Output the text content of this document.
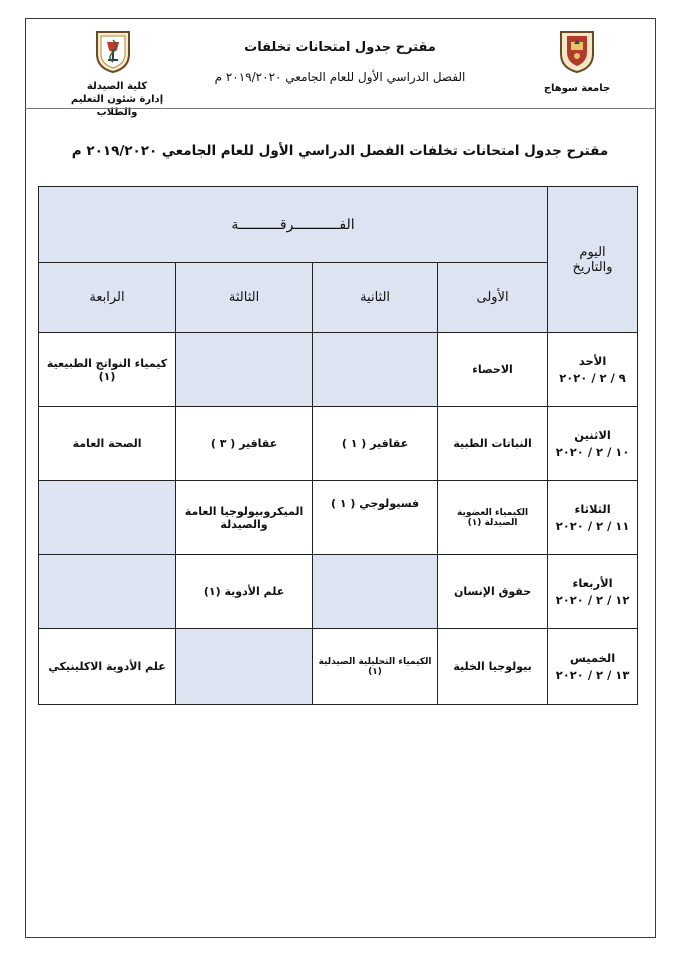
مقترح جدول امتحانات تخلفات
الفصل الدراسي الأول للعام الجامعي ٢٠١٩/٢٠٢٠ م
كلية الصيدلة
إدارة شئون التعليم والطلاب
جامعة سوهاج
مقترح جدول امتحانات تخلفات الفصل الدراسي الأول للعام الجامعي ٢٠١٩/٢٠٢٠ م
اليوم
والتاريخ	الفـــــــــــرقــــــــــة			
	الأولى	الثانية	الثالثة	الرابعة

الأحد
٩ / ٢ / ٢٠٢٠	الاحصاء			كيمياء النواتج الطبيعية (١)

الاثنين
١٠ / ٢ / ٢٠٢٠	النباتات الطبية	عقاقير ( ١ )	عقاقير ( ٣ )	الصحة العامة

الثلاثاء
١١ / ٢ / ٢٠٢٠	الكيمياء العضوية الصيدلة (١)	فسيولوجي ( ١ )	الميكروبيولوجيا العامة والصيدلة	

الأربعاء
١٢ / ٢ / ٢٠٢٠	حقوق الإنسان		علم الأدوية (١)	

الخميس
١٣ / ٢ / ٢٠٢٠	بيولوجيا الخلية	الكيمياء التحليلية الصيدلية (١)		علم الأدوية الاكلينيكي
